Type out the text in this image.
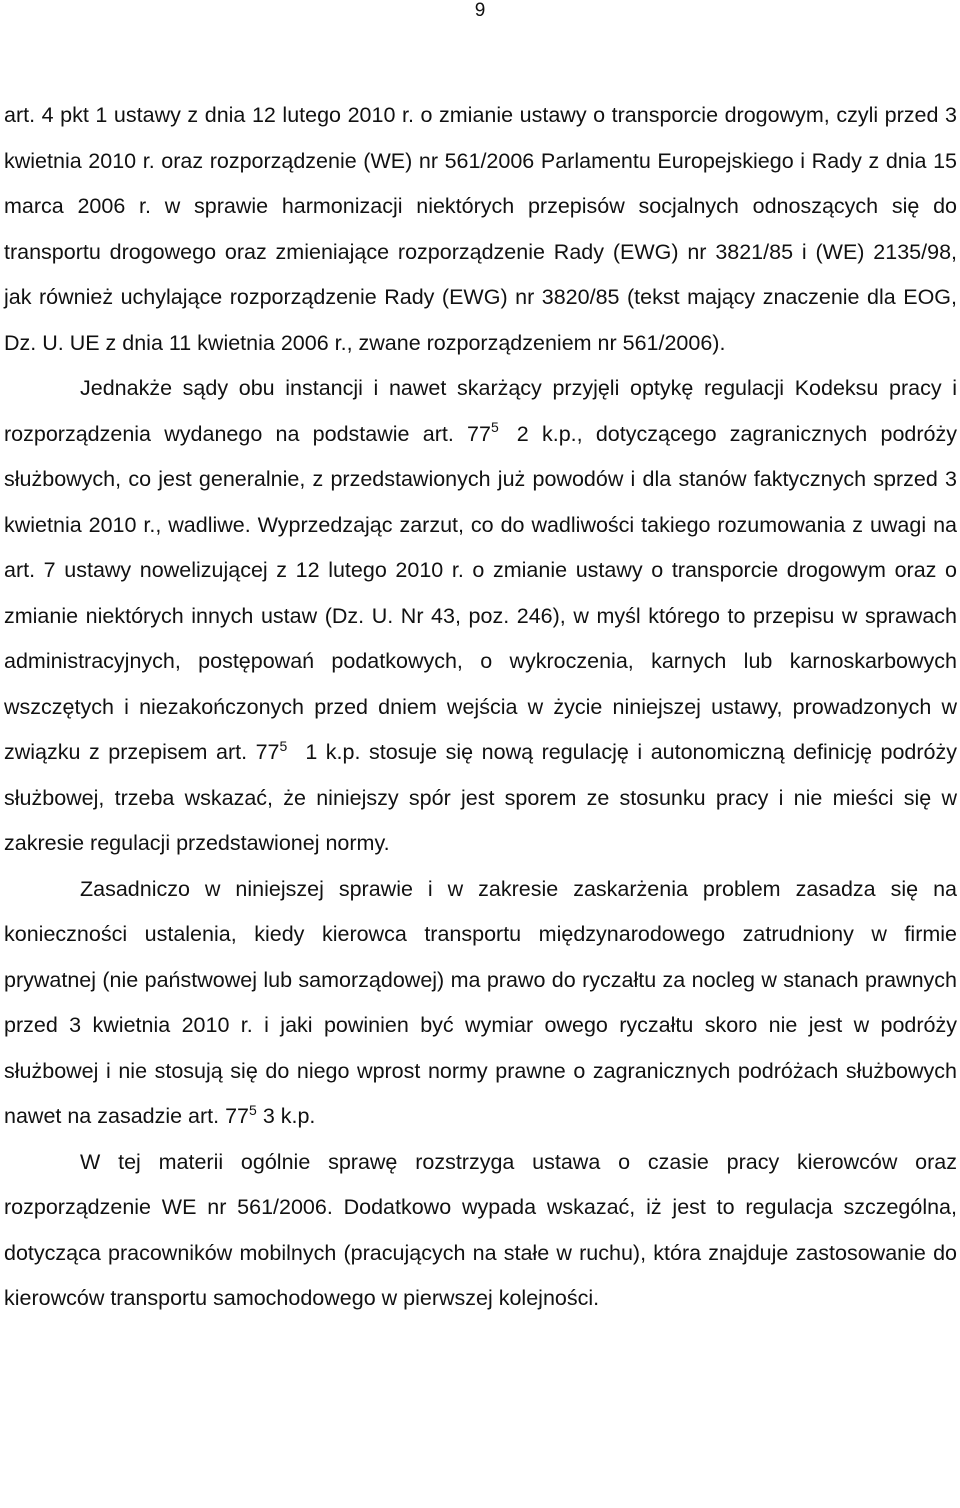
9

art. 4 pkt 1 ustawy z dnia 12 lutego 2010 r. o zmianie ustawy o transporcie drogowym, czyli przed 3 kwietnia 2010 r. oraz rozporządzenie (WE) nr 561/2006 Parlamentu Europejskiego i Rady z dnia 15 marca 2006 r. w sprawie harmonizacji niektórych przepisów socjalnych odnoszących się do transportu drogowego oraz zmieniające rozporządzenie Rady (EWG) nr 3821/85 i (WE) 2135/98, jak również uchylające rozporządzenie Rady (EWG) nr 3820/85 (tekst mający znaczenie dla EOG, Dz. U. UE z dnia 11 kwietnia 2006 r., zwane rozporządzeniem nr 561/2006).

Jednakże sądy obu instancji i nawet skarżący przyjęli optykę regulacji Kodeksu pracy i rozporządzenia wydanego na podstawie art. $77^5$ 2 k.p., dotyczącego zagranicznych podróży służbowych, co jest generalnie, z przedstawionych już powodów i dla stanów faktycznych sprzed 3 kwietnia 2010 r., wadliwe. Wyprzedzając zarzut, co do wadliwości takiego rozumowania z uwagi na art. 7 ustawy nowelizującej z 12 lutego 2010 r. o zmianie ustawy o transporcie drogowym oraz o zmianie niektórych innych ustaw (Dz. U. Nr 43, poz. 246), w myśl którego to przepisu w sprawach administracyjnych, postępowań podatkowych, o wykroczenia, karnych lub karnoskarbowych wszczętych i niezakończonych przed dniem wejścia w życie niniejszej ustawy, prowadzonych w związku z przepisem art. $77^5$ 1 k.p. stosuje się nową regulację i autonomiczną definicję podróży służbowej, trzeba wskazać, że niniejszy spór jest sporem ze stosunku pracy i nie mieści się w zakresie regulacji przedstawionej normy.

Zasadniczo w niniejszej sprawie i w zakresie zaskarżenia problem zasadza się na konieczności ustalenia, kiedy kierowca transportu międzynarodowego zatrudniony w firmie prywatnej (nie państwowej lub samorządowej) ma prawo do ryczałtu za nocleg w stanach prawnych przed 3 kwietnia 2010 r. i jaki powinien być wymiar owego ryczałtu skoro nie jest w podróży służbowej i nie stosują się do niego wprost normy prawne o zagranicznych podróżach służbowych nawet na zasadzie art. $77^5$ 3 k.p.

W tej materii ogólnie sprawę rozstrzyga ustawa o czasie pracy kierowców oraz rozporządzenie WE nr 561/2006. Dodatkowo wypada wskazać, iż jest to regulacja szczególna, dotycząca pracowników mobilnych (pracujących na stałe w ruchu), która znajduje zastosowanie do kierowców transportu samochodowego w pierwszej kolejności.
